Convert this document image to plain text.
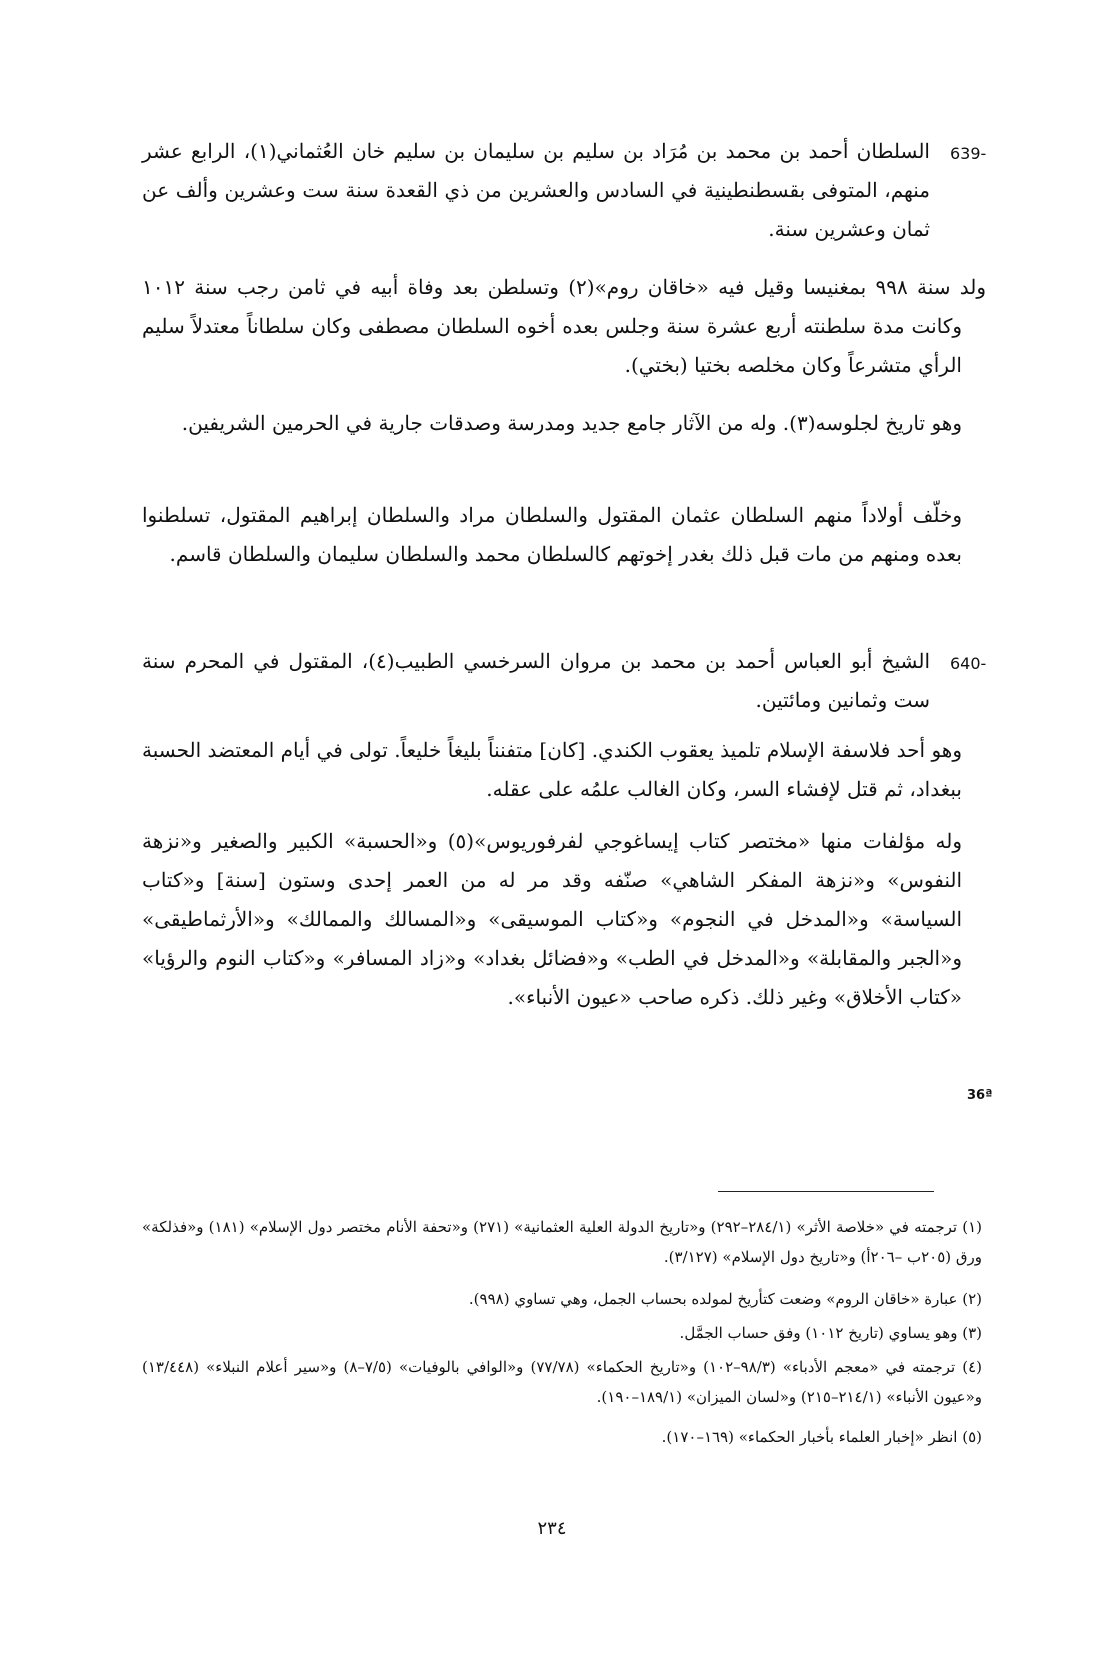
639-

السلطان أحمد بن محمد بن مُرَاد بن سليم بن سليمان بن سليم خان العُثماني(١)، الرابع عشر منهم، المتوفى بقسطنطينية في السادس والعشرين من ذي القعدة سنة ست وعشرين وألف عن ثمان وعشرين سنة.

ولد سنة ٩٩٨ بمغنيسا وقيل فيه «خاقان روم»(٢) وتسلطن بعد وفاة أبيه في ثامن رجب سنة ١٠١٢ وكانت مدة سلطنته أربع عشرة سنة وجلس بعده أخوه السلطان مصطفى وكان سلطاناً معتدلاً سليم الرأي متشرعاً وكان مخلصه بختيا (بختي).

وهو تاريخ لجلوسه(٣). وله من الآثار جامع جديد ومدرسة وصدقات جارية في الحرمين الشريفين.

وخلّف أولاداً منهم السلطان عثمان المقتول والسلطان مراد والسلطان إبراهيم المقتول، تسلطنوا بعده ومنهم من مات قبل ذلك بغدر إخوتهم كالسلطان محمد والسلطان سليمان والسلطان قاسم.

640-

الشيخ أبو العباس أحمد بن محمد بن مروان السرخسي الطبيب(٤)، المقتول في المحرم سنة ست وثمانين ومائتين.

وهو أحد فلاسفة الإسلام تلميذ يعقوب الكندي. [كان] متفنناً بليغاً خليعاً. تولى في أيام المعتضد الحسبة ببغداد، ثم قتل لإفشاء السر، وكان الغالب علمُه على عقله.

وله مؤلفات منها «مختصر كتاب إيساغوجي لفرفوريوس»(٥) و«الحسبة» الكبير والصغير و«نزهة النفوس» و«نزهة المفكر الشاهي» صنّفه وقد مر له من العمر إحدى وستون [سنة] و«كتاب السياسة» و«المدخل في النجوم» و«كتاب الموسيقى» و«المسالك والممالك» و«الأرثماطيقى» و«الجبر والمقابلة» و«المدخل في الطب» و«فضائل بغداد» و«زاد المسافر» و«كتاب النوم والرؤيا» «كتاب الأخلاق» وغير ذلك. ذكره صاحب «عيون الأنباء».

36ª

(١) ترجمته في «خلاصة الأثر» (٢٨٤/١–٢٩٢) و«تاريخ الدولة العلية العثمانية» (٢٧١) و«تحفة الأنام مختصر دول الإسلام» (١٨١) و«فذلكة» ورق (٢٠٥ب –٢٠٦أ) و«تاريخ دول الإسلام» (٣/١٢٧).

(٢) عبارة «خاقان الروم» وضعت كتأريخ لمولده بحساب الجمل، وهي تساوي (٩٩٨).

(٣) وهو يساوي (تاريخ ١٠١٢) وفق حساب الجمَّل.

(٤) ترجمته في «معجم الأدباء» (٩٨/٣–١٠٢) و«تاريخ الحكماء» (٧٧/٧٨) و«الوافي بالوفيات» (٧/٥–٨) و«سير أعلام النبلاء» (١٣/٤٤٨) و«عيون الأنباء» (٢١٤/١–٢١٥) و«لسان الميزان» (١٨٩/١–١٩٠).

(٥) انظر «إخبار العلماء بأخبار الحكماء» (١٦٩–١٧٠).

٢٣٤
